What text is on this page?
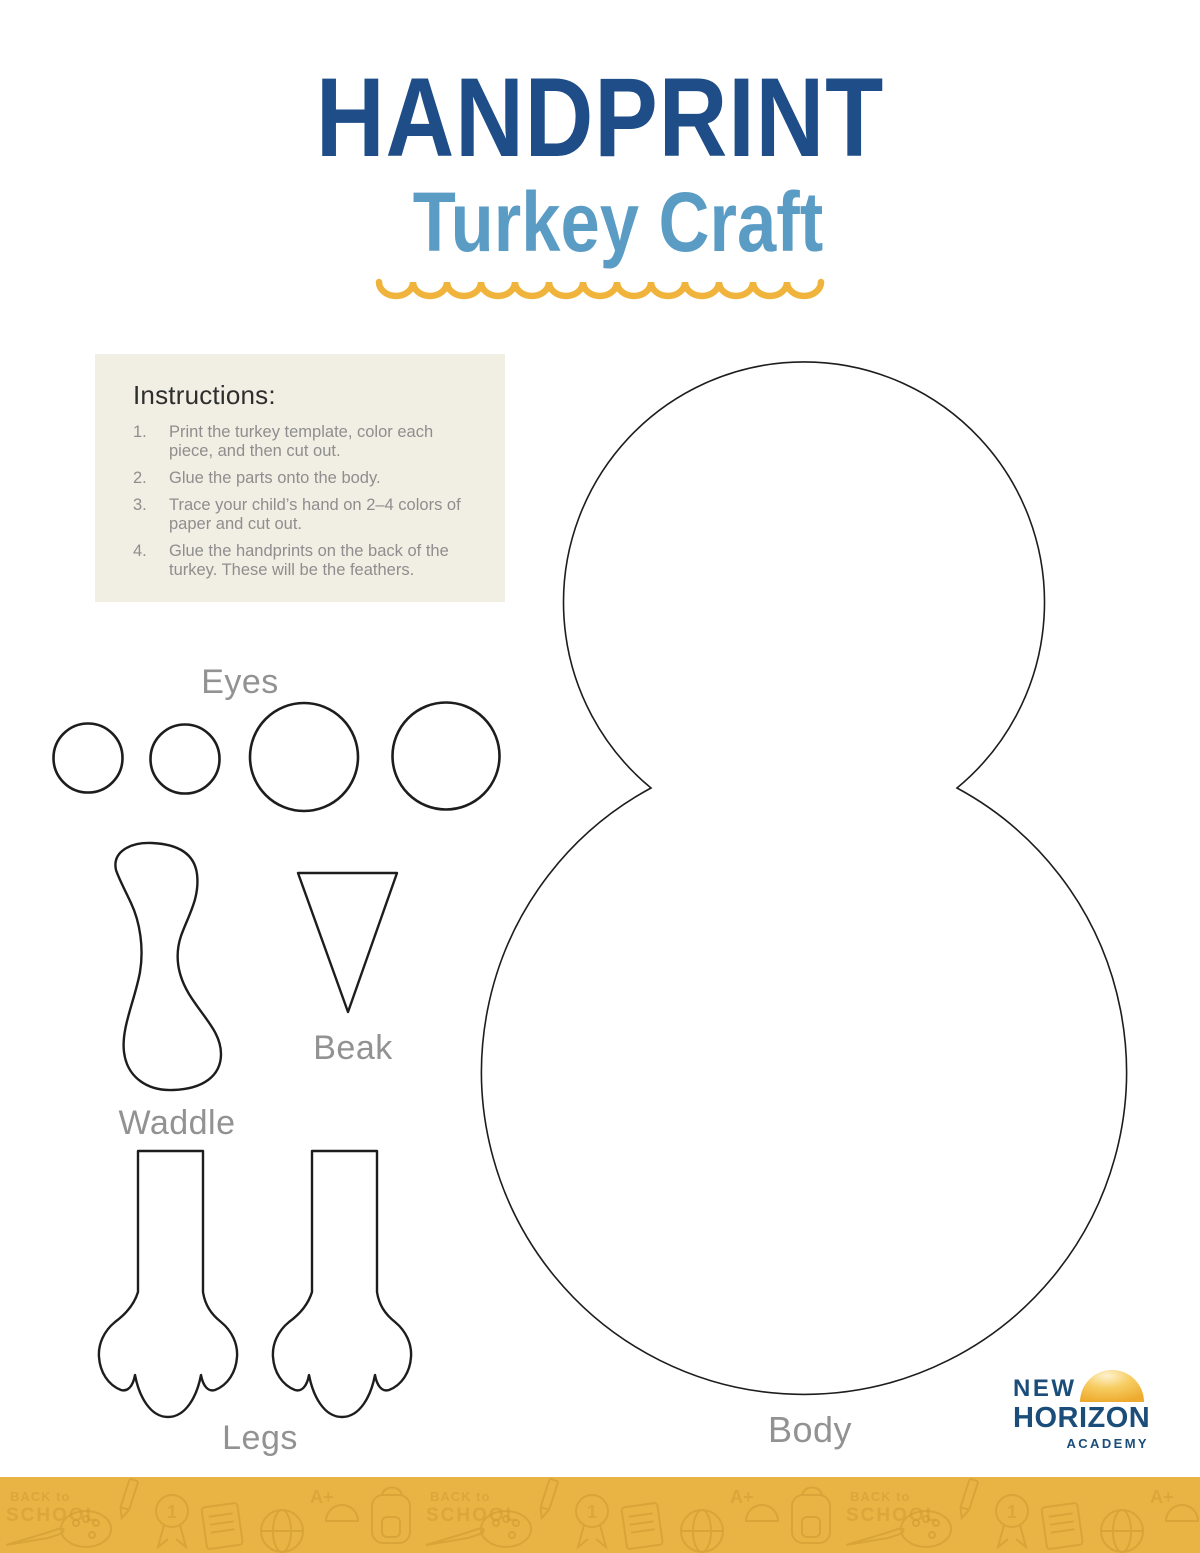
HANDPRINT
Turkey Craft
Instructions:
1.	Print the turkey template, color each piece, and then cut out.
2.	Glue the parts onto the body.
3.	Trace your child’s hand on 2–4 colors of paper and cut out.
4.	Glue the handprints on the back of the turkey. These will be the feathers.
Eyes
Waddle
Beak
Legs	Body
NEW
HORIZON
ACADEMY
